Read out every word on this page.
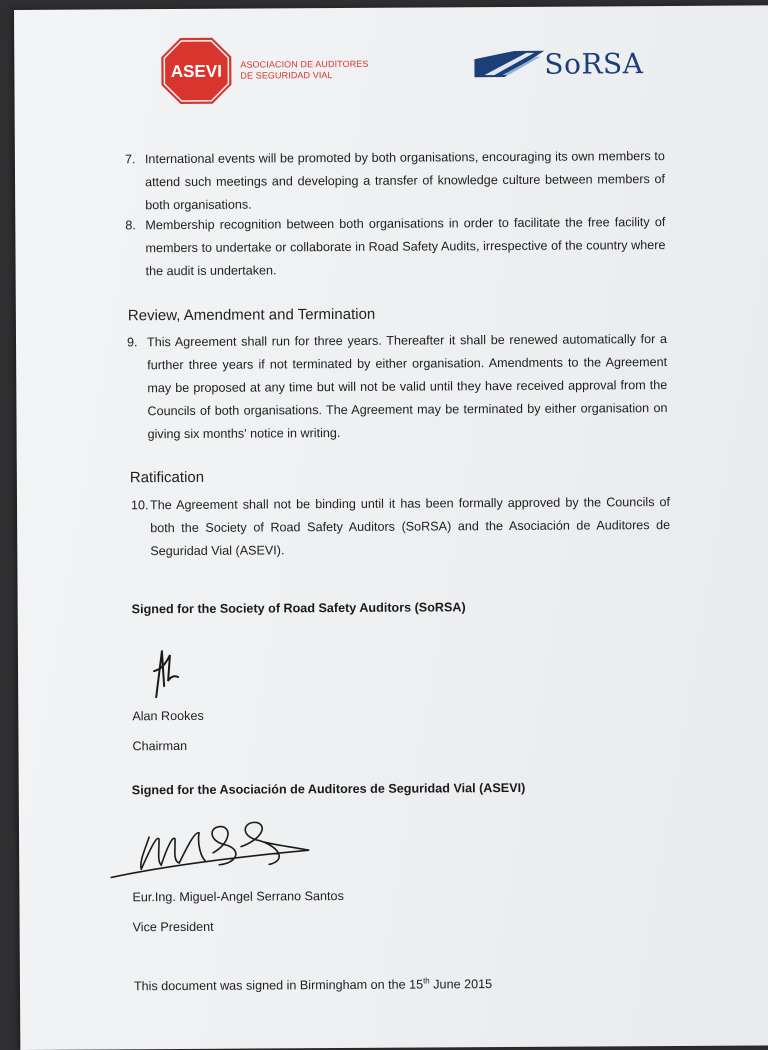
ASEVI ASOCIACION DE AUDITORES
DE SEGURIDAD VIAL	SoRSA
7. International events will be promoted by both organisations, encouraging its own members to attend such meetings and developing a transfer of knowledge culture between members of both organisations.
8. Membership recognition between both organisations in order to facilitate the free facility of members to undertake or collaborate in Road Safety Audits, irrespective of the country where the audit is undertaken.
Review, Amendment and Termination
9. This Agreement shall run for three years. Thereafter it shall be renewed automatically for a further three years if not terminated by either organisation. Amendments to the Agreement may be proposed at any time but will not be valid until they have received approval from the Councils of both organisations. The Agreement may be terminated by either organisation on giving six months' notice in writing.
Ratification
10. The Agreement shall not be binding until it has been formally approved by the Councils of both the Society of Road Safety Auditors (SoRSA) and the Asociación de Auditores de Seguridad Vial (ASEVI).
Signed for the Society of Road Safety Auditors (SoRSA)
Alan Rookes
Chairman
Signed for the Asociación de Auditores de Seguridad Vial (ASEVI)
Eur.Ing. Miguel-Angel Serrano Santos
Vice President
This document was signed in Birmingham on the 15th June 2015
